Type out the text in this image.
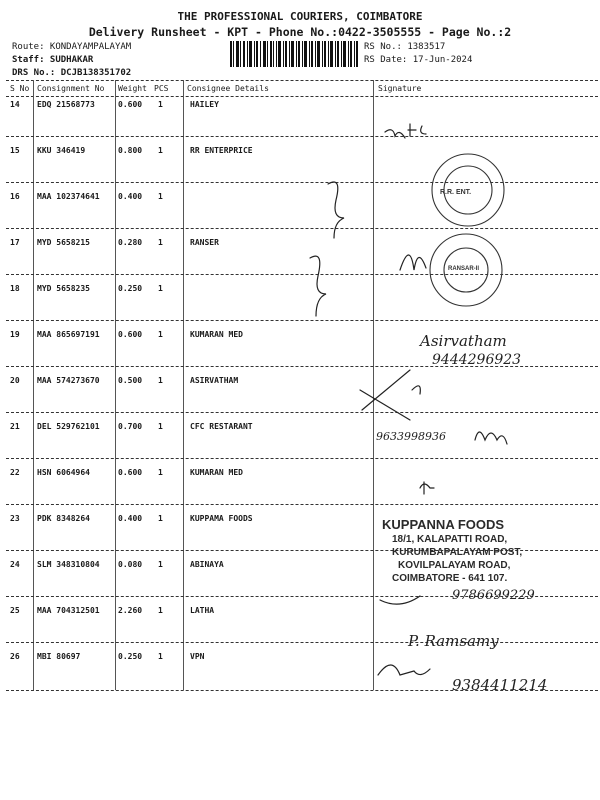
THE PROFESSIONAL COURIERS, COIMBATORE
Delivery Runsheet - KPT - Phone No.:0422-3505555 - Page No.:2
Route: KONDAYAMPALAYAM
Staff: SUDHAKAR
DRS No.: DCJB138351702
RS No.: 1383517
RS Date: 17-Jun-2024
S No Consignment No Weight PCS Consignee Details	Signature
14 EDQ 21568773	0.600 1	HAILEY
15 KKU 346419	0.800 1	RR ENTERPRICE
16 MAA 102374641 0.400 1
17 MYD 5658215	0.280 1	RANSER
18 MYD 5658235	0.250 1
19 MAA 865697191 0.600 1	KUMARAN MED
20 MAA 574273670 0.500 1	ASIRVATHAM
21 DEL 529762101 0.700 1	CFC RESTARANT
22 HSN 6064964	0.600 1	KUMARAN MED
23 PDK 8348264	0.400 1	KUPPAMA FOODS
24 SLM 348310804 0.080 1	ABINAYA
25 MAA 704312501 2.260 1	LATHA
26 MBI 80697	0.250 1	VPN
R.R. ENT.
RANSAR-II
KUPPANNA FOODS
18/1, KALAPATTI ROAD,
KURUMBAPALAYAM POST,
KOVILPALAYAM ROAD,
COIMBATORE - 641 107.
Asirvatham
9444296923
9633998936
9786699229
P. Ramsamy
9384411214
